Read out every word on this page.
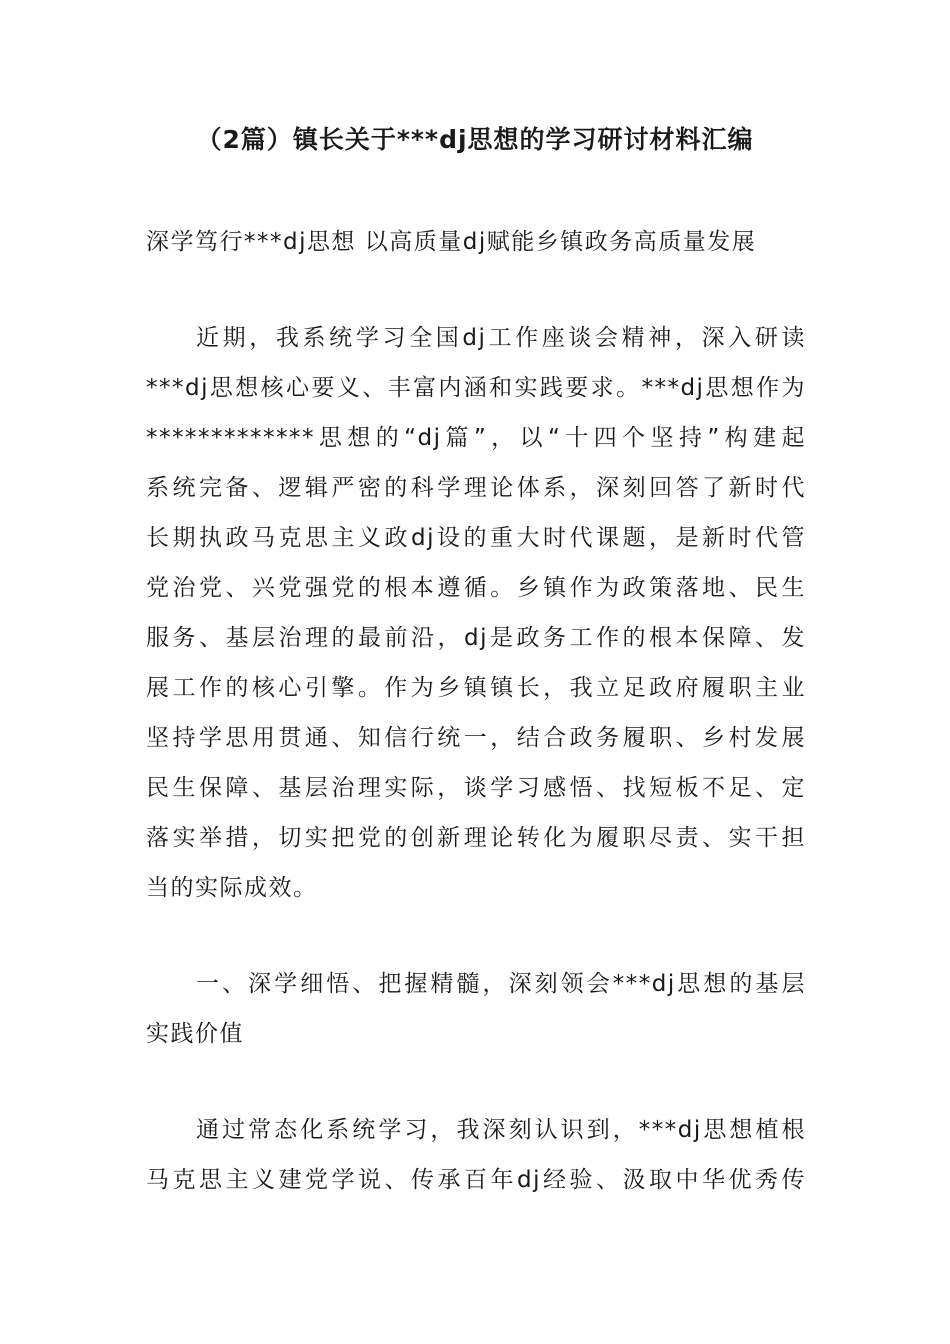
（2篇）镇长关于***dj思想的学习研讨材料汇编

深学笃行***dj思想 以高质量dj赋能乡镇政务高质量发展

近期，我系统学习全国dj工作座谈会精神，深入研读

***dj思想核心要义、丰富内涵和实践要求。***dj思想作为

*************思想的“dj篇”，以“十四个坚持”构建起

系统完备、逻辑严密的科学理论体系，深刻回答了新时代

长期执政马克思主义政dj设的重大时代课题，是新时代管

党治党、兴党强党的根本遵循。乡镇作为政策落地、民生

服务、基层治理的最前沿，dj是政务工作的根本保障、发

展工作的核心引擎。作为乡镇镇长，我立足政府履职主业

坚持学思用贯通、知信行统一，结合政务履职、乡村发展

民生保障、基层治理实际，谈学习感悟、找短板不足、定

落实举措，切实把党的创新理论转化为履职尽责、实干担

当的实际成效。

一、深学细悟、把握精髓，深刻领会***dj思想的基层

实践价值

通过常态化系统学习，我深刻认识到，***dj思想植根

马克思主义建党学说、传承百年dj经验、汲取中华优秀传
